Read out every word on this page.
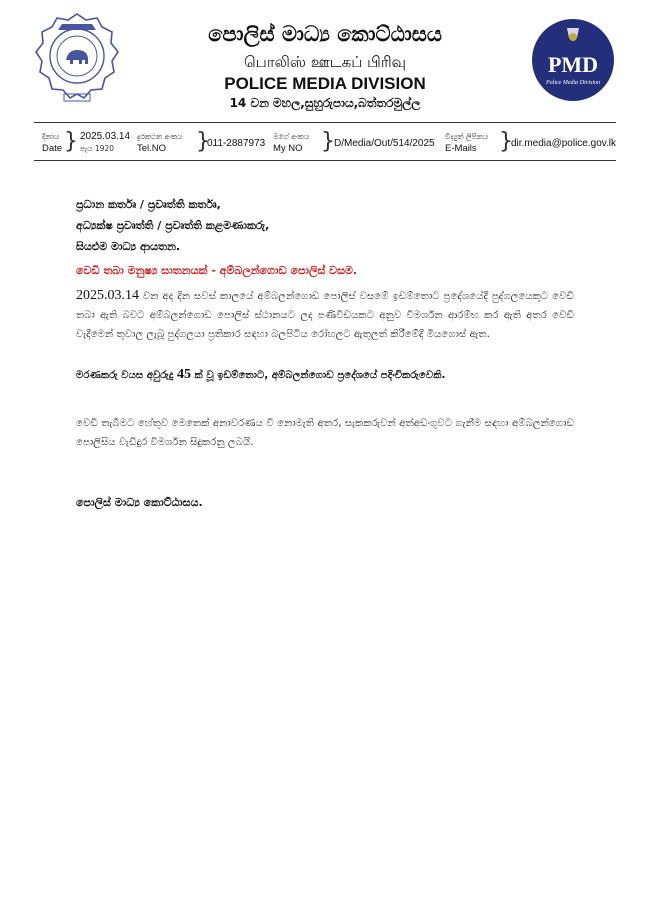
PMD
Police Media Division
පොලිස් මාධ්‍ය කොට්ඨාසය
பொலிஸ் ஊடகப் பிரிவு
POLICE MEDIA DIVISION
14 වන මහල,සුහුරුපාය,බත්තරමුල්ල
දිනාය
Date } 2025.03.14
පැය 1920
දුරකථන අංකය
Tel.NO	}
011-2887973
මගේ අංකය
My NO } D/Media/Out/514/2025
විද්‍යුත් ලිපිනය
E-Mails	}
dir.media@police.gov.lk
ප්‍රධාන කර්තෘ / ප්‍රවෘත්ති කර්තෘ,
අධ්‍යක්ෂ ප්‍රවෘත්ති / ප්‍රවෘත්ති කළමණාකරු,
සියළුම මාධ්‍ය ආයතන.
වෙඩි තබා මනුෂ්‍ය ඝාතනයක් - අම්බලන්ගොඩ පොලිස් වසම.
2025.03.14 වන අද දින සවස් කාලයේ අම්බලන්ගොඩ පොලිස් වසමේ ඉඩම්තොට ප්‍රදේශයේදී පුද්ගලයෙකුට වෙඩි තබා ඇති බවට අම්බලන්ගොඩ පොලිස් ස්ථානයට ලද පණිවිඩයකට අනුව විමර්ශන ආරම්භ කර ඇති අතර වෙඩි වැදීමෙන් තුවාල ලැබූ පුද්ගලයා ප්‍රතිකාර සඳහා බලපිටිය රෝහලට ඇතුලත් කිරීමේදී මියගොස් ඇත.
මරණකරු වයස අවුරුදු 45 ක් වූ ඉඩම්තොට, අම්බලන්ගොඩ ප්‍රදේශයේ පදිංචිකරුවෙකි.
වෙඩි තැබීමට හේතුව මෙතෙක් අනාවරණය වී නොමැති අතර, සැකකරුවන් අත්අඩංගුවට ගැනීම සඳහා අම්බලන්ගොඩ පොලිසිය වැඩිදුර විමර්ශන සිදුකරනු ලබයි.
පොලිස් මාධ්‍ය කොට්ඨාසය.
